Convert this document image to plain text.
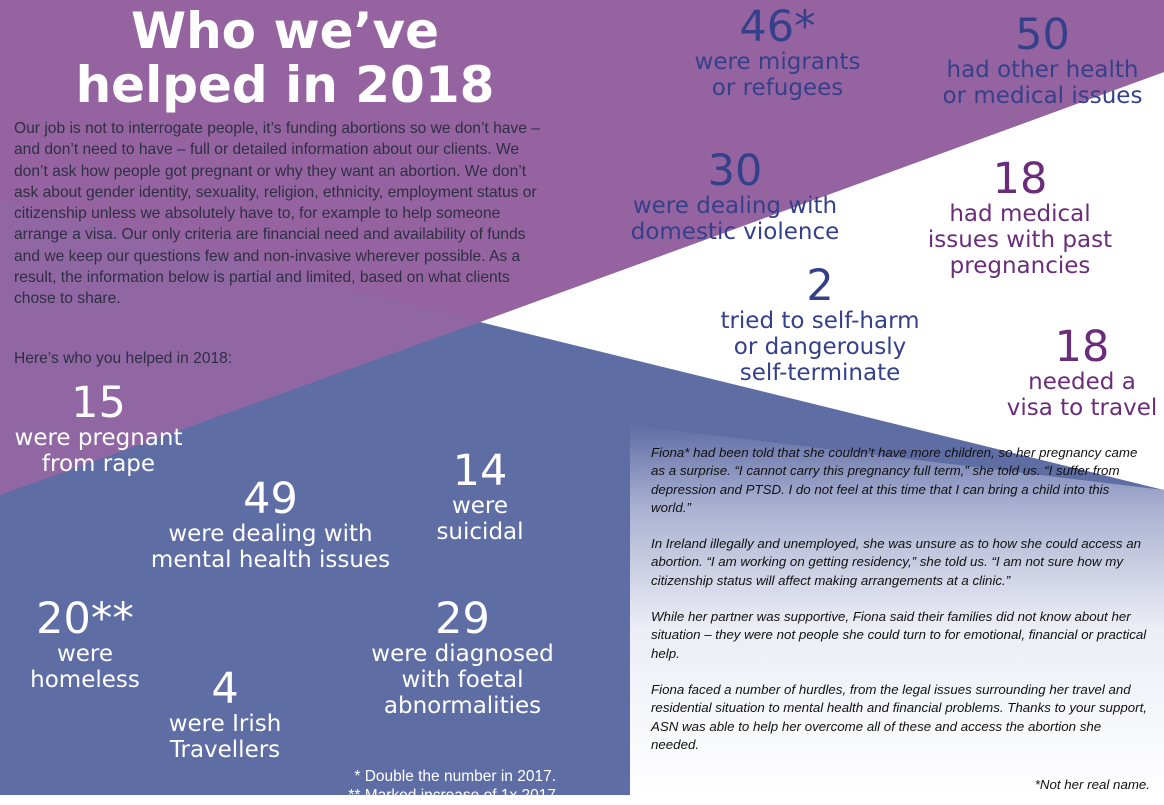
Who we’ve
helped in 2018

Our job is not to interrogate people, it’s funding abortions so we don’t have – and don’t need to have – full or detailed information about our clients. We don’t ask how people got pregnant or why they want an abortion. We don’t ask about gender identity, sexuality, religion, ethnicity, employment status or citizenship unless we absolutely have to, for example to help someone arrange a visa. Our only criteria are financial need and availability of funds and we keep our questions few and non-invasive wherever possible. As a result, the information below is partial and limited, based on what clients chose to share.

Here’s who you helped in 2018:

46*
were migrants
or refugees
50
had other health
or medical issues
30
were dealing with
domestic violence
18
had medical
issues with past
pregnancies
2
tried to self-harm
or dangerously
self-terminate
18
needed a
visa to travel
15
were pregnant
from rape
49
were dealing with
mental health issues
14
were
suicidal
20**
were
homeless	4
were Irish
Travellers
29
were diagnosed
with foetal
abnormalities

Fiona* had been told that she couldn’t have more children, so her pregnancy came as a surprise. “I cannot carry this pregnancy full term,” she told us. “I suffer from depression and PTSD. I do not feel at this time that I can bring a child into this world.”

In Ireland illegally and unemployed, she was unsure as to how she could access an abortion. “I am working on getting residency,” she told us. “I am not sure how my citizenship status will affect making arrangements at a clinic.”

While her partner was supportive, Fiona said their families did not know about her situation – they were not people she could turn to for emotional, financial or practical help.

Fiona faced a number of hurdles, from the legal issues surrounding her travel and residential situation to mental health and financial problems. Thanks to your support, ASN was able to help her overcome all of these and access the abortion she needed.

*Not her real name.

* Double the number in 2017.

** Marked increase of 1x 2017
